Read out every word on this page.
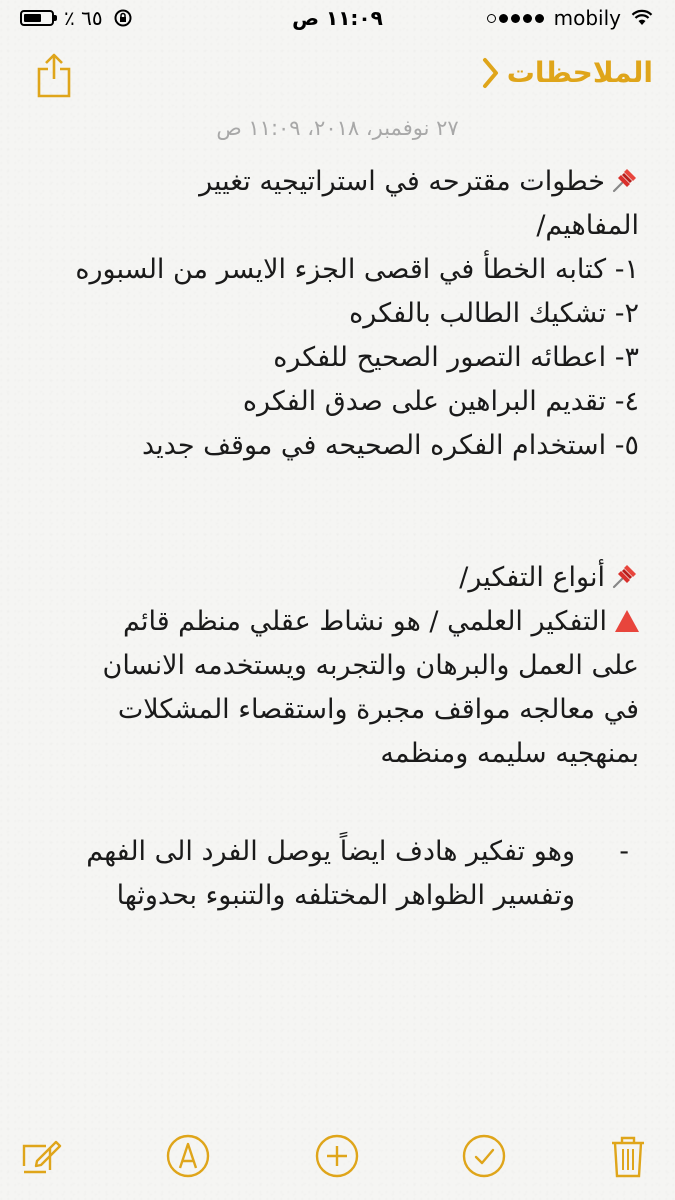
٪ ٦٥	١١:٠٩ ص	mobily
الملاحظات
٢٧ نوفمبر، ٢٠١٨، ١١:٠٩ ص

خطوات مقترحه في استراتيجيه تغيير

المفاهيم/

١- كتابه الخطأ في اقصى الجزء الايسر من السبوره

٢- تشكيك الطالب بالفكره

٣- اعطائه التصور الصحيح للفكره

٤- تقديم البراهين على صدق الفكره

٥- استخدام الفكره الصحيحه في موقف جديد

أنواع التفكير/

التفكير العلمي / هو نشاط عقلي منظم قائم

على العمل والبرهان والتجربه ويستخدمه الانسان

في معالجه مواقف مجبرة واستقصاء المشكلات

بمنهجيه سليمه ومنظمه

-

وهو تفكير هادف ايضاً يوصل الفرد الى الفهم

وتفسير الظواهر المختلفه والتنبوء بحدوثها
